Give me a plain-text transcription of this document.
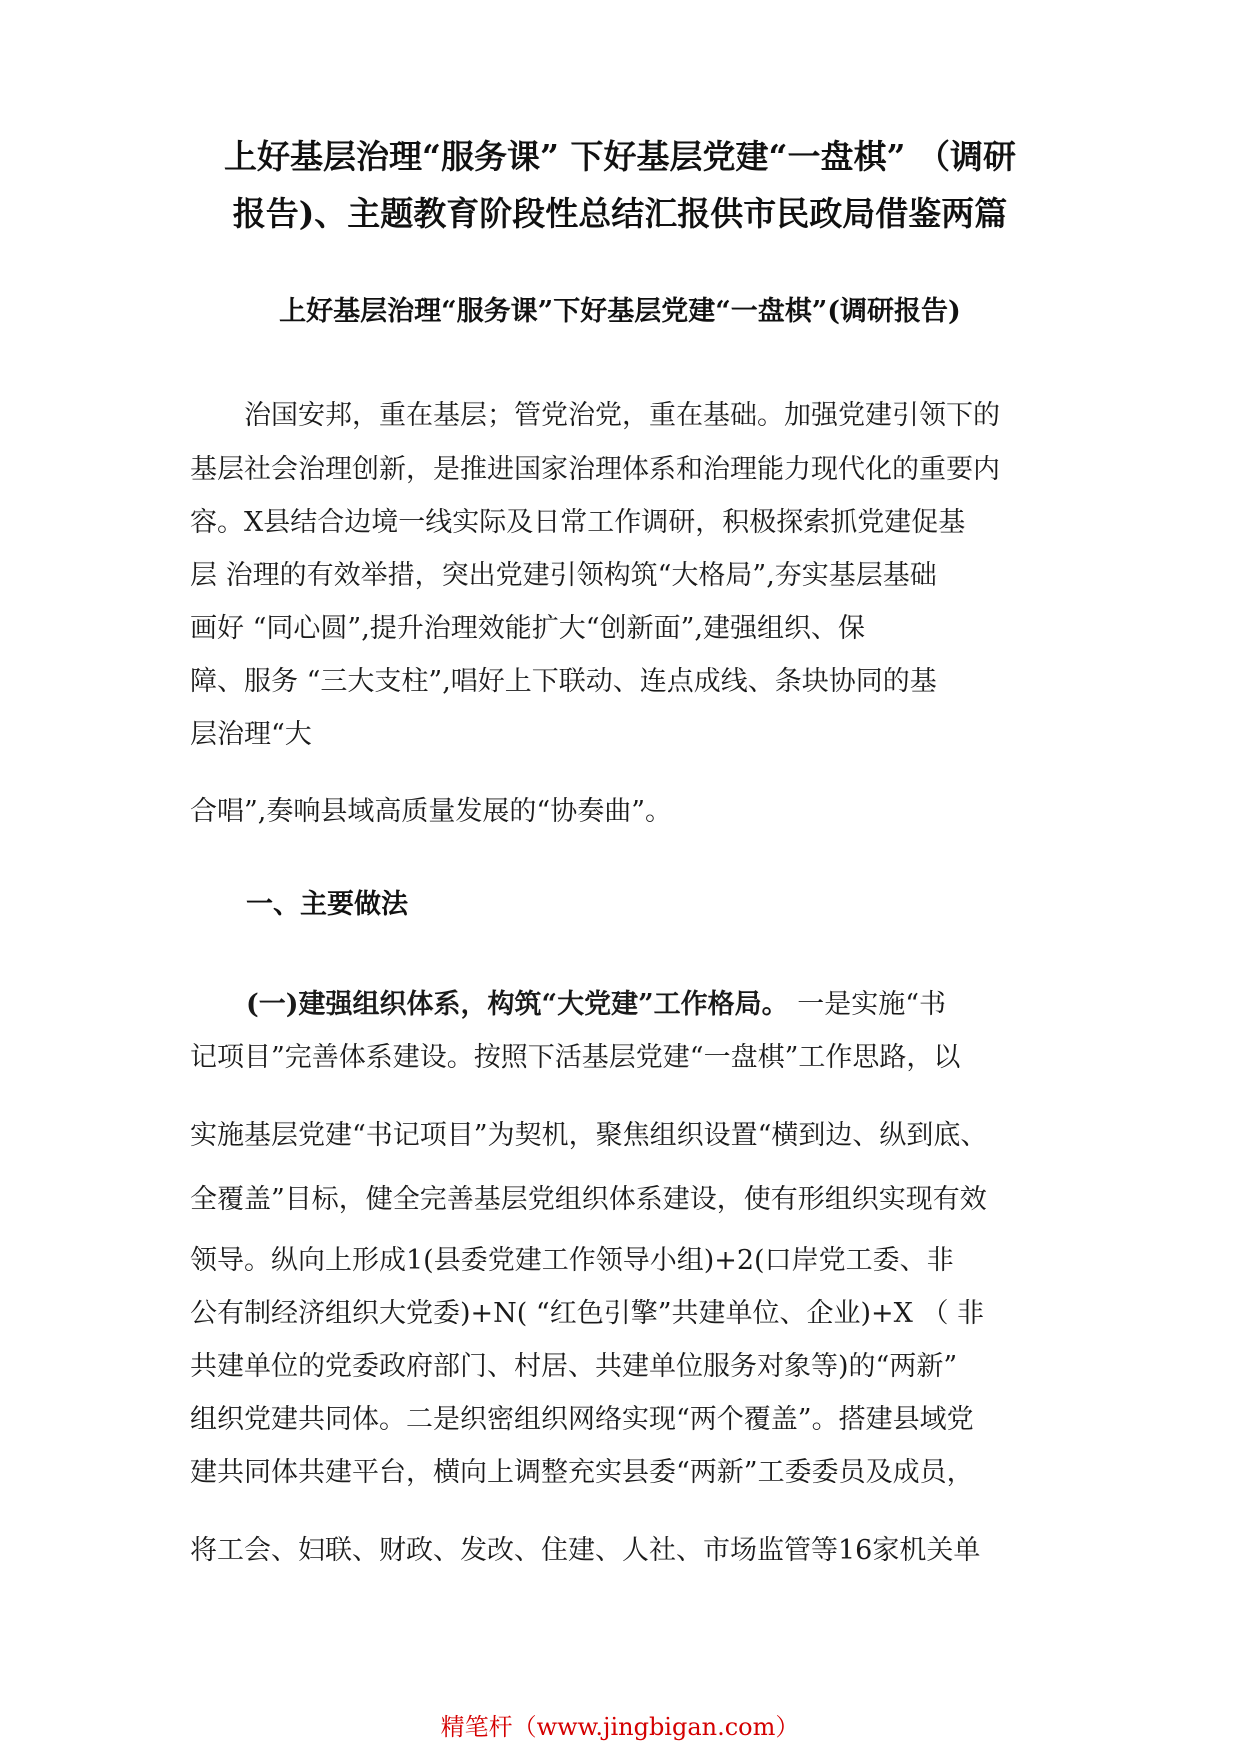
上好基层治理“服务课” 下好基层党建“一盘棋” （调研
报告)、主题教育阶段性总结汇报供市民政局借鉴两篇
上好基层治理“服务课”下好基层党建“一盘棋”(调研报告)
治国安邦，重在基层；管党治党，重在基础。加强党建引领下的
基层社会治理创新，是推进国家治理体系和治理能力现代化的重要内
容。X县结合边境一线实际及日常工作调研，积极探索抓党建促基
层 治理的有效举措，突出党建引领构筑“大格局”,夯实基层基础
画好 “同心圆”,提升治理效能扩大“创新面”,建强组织、保
障、服务 “三大支柱”,唱好上下联动、连点成线、条块协同的基
层治理“大
合唱”,奏响县域高质量发展的“协奏曲”。
一、主要做法
(一)建强组织体系，构筑“大党建”工作格局。 一是实施“书
记项目”完善体系建设。按照下活基层党建“一盘棋”工作思路，以
实施基层党建“书记项目”为契机，聚焦组织设置“横到边、纵到底、
全覆盖”目标，健全完善基层党组织体系建设，使有形组织实现有效
领导。纵向上形成1(县委党建工作领导小组)+2(口岸党工委、非
公有制经济组织大党委)+N( “红色引擎”共建单位、企业)+X （ 非
共建单位的党委政府部门、村居、共建单位服务对象等)的“两新”
组织党建共同体。二是织密组织网络实现“两个覆盖”。搭建县域党
建共同体共建平台，横向上调整充实县委“两新”工委委员及成员，
将工会、妇联、财政、发改、住建、人社、市场监管等16家机关单
精笔杆（www.jingbigan.com）
